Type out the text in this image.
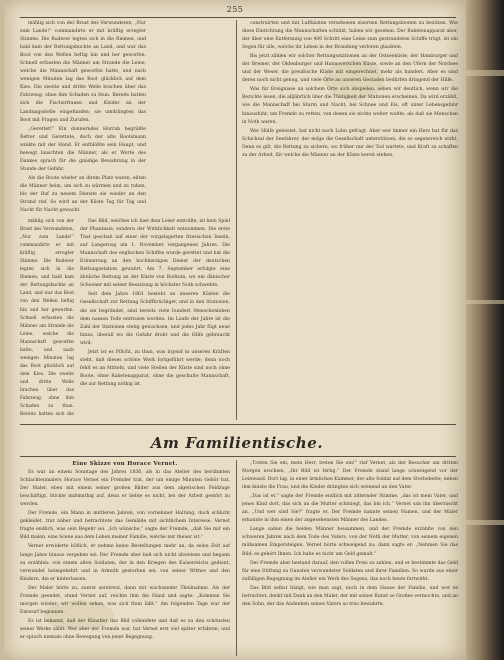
255

mählig sich von der Brust des Verwundeten, „Nur zum Lande!“ commandirte er mit kräftig erregter Stimme. Die Ruderer legten sich in die Riemen, und bald kam der Rettungsbuchte an Land, und war das Boot von den Wellen heftig hin und her geworfen. Schnell erfassten die Männer am Strande die Leine, welche die Mannschaft geworfen hatte, und nach wenigen Minuten lag das Boot glücklich auf dem Kies. Die zweite und dritte Welle brachen über das Fahrzeug, ohne ihm Schaden zu thun. Bereits hatten sich die Fischerfrauen und Kinder an der Landungsstelle eingefunden; sie umdrängten das Boot mit Fragen und Zurufen.

„Gerettet!“ Ein donnerndes Hurrah begrüßte Retter und Gerettete, doch der alte Bootsmann winkte mit der Hand. Er entblößte sein Haupt, und bewegt lauschten die Männer, als er Worte des Dankes sprach für die gnädige Bewahrung in der Stunde der Gefahr.

Als die Boote wieder an ihrem Platz waren, eilten die Männer heim, um sich zu wärmen und zu ruhen, bis der Ruf zu neuem Dienste sie wieder an den Strand rief. So wird an der Küste Tag für Tag und Nacht für Nacht gewacht.

Das Bild, welches ich hier dem Leser entrollte, ist kein Spiel der Phantasie, sondern der Wirklichkeit entnommen. Die erste That geschah auf einer der vorgelagerten friesischen Inseln, auf Langeroog am 1. November vergangenen Jahres. Die Mannschaft des englischen Schiffes wurde gerettet und hat die Erinnerung an den hochherzigen Dienst der deutschen Rettungsstation gewahrt. Am 7. September erfolgte eine ähnliche Rettung an der Küste von Borkum, wo ein dänischer Schooner mit seiner Besatzung in höchster Noth schwebte.

Seit dem Jahre 1861 besteht an unseren Küsten die Gesellschaft zur Rettung Schiffbrüchiger, und in den Stationen, die sie begründet, sind bereits viele hundert Menschenleben dem nassen Tode entrissen worden. Im Laufe der Jahre ist die Zahl der Stationen stetig gewachsen, und jedes Jahr fügt neue hinzu, überall wo die Gefahr droht und die Hilfe gebraucht wird.

Jetzt ist es Pflicht, zu thun, was irgend in unseren Kräften steht, daß dieses schöne Werk fortgeführt werde; denn noch fehlt es an Mitteln, und viele Stellen der Küste sind noch ohne Boote, ohne Raketenapparat, ohne die geschulte Mannschaft, die zur Rettung nöthig ist.

mählig sich von der Brust des Verwundeten, „Nur zum Lande!“ commandirte er mit kräftig erregter Stimme. Die Ruderer legten sich in die Riemen, und bald kam der Rettungsbuchte an Land, und war das Boot von den Wellen heftig hin und her geworfen. Schnell erfassten die Männer am Strande die Leine, welche die Mannschaft geworfen hatte, und nach wenigen Minuten lag das Boot glücklich auf dem Kies. Die zweite und dritte Welle brachen über das Fahrzeug, ohne ihm Schaden zu thun. Bereits hatten sich die

construirten und mit Luftkästen versehenen eisernen Rettungsbooten zu besitzen. Wie diese Einrichtung die Mannschaften schützt, haben wir gesehen. Der Raketenapparat aber, der über eine Entfernung von 400 Schritt eine Leine zum gestrandeten Schiffe trägt, ist ein Segen für alle, welche ihr Leben in der Brandung verloren glaubten.

Bis jetzt zählen wir solcher Rettungsstationen an der Ostseeküste, der Hamburger und der Bremer, der Oldenburger und Hannoverschen Küste, sowie an den Ufern der Nordsee und der Weser, die preußische Küste mit eingerechnet, mehr als hundert. Aber es sind deren noch nicht genug, und viele Orte an unseren Gestaden bedürfen dringend der Hilfe.

Was für Ereignisse an solchem Orte sich abspielen, sehen wir deutlich, wenn wir die Berichte lesen, die alljährlich über die Thätigkeit der Stationen erscheinen. Da wird erzählt, wie die Mannschaft bei Sturm und Nacht, bei Schnee und Eis, oft unter Lebensgefahr hinausfuhr, um Fremde zu retten, von denen sie nichts weiter wußte, als daß sie Menschen in Noth waren.

Wer Hülfe geleistet, hat nicht nach Lohn gefragt. Aber wer immer ein Herz hat für das Schicksal der Seefahrer, der möge die Gesellschaft unterstützen, die so segensreich wirkt. Denn es gilt, die Rettung zu sichern, wo früher nur der Tod wartete, und Kraft zu schaffen zu der Arbeit, für welche die Männer an der Küste bereit stehen.

Am Familientische.

Eine Skizze von Horace Vernet.

Es war an einem Sonntage des Jahres 1836, als in das Atelier des berühmten Schlachtenmalers Horace Vernet ein Fremder trat, der um einige Minuten Gehör bat. Der Maler, eben mit einem seiner großen Bilder aus dem algerischen Feldzuge beschäftigt, blickte mißmuthig auf, denn er liebte es nicht, bei der Arbeit gestört zu werden.

Der Fremde, ein Mann in mittleren Jahren, von vornehmer Haltung, doch schlicht gekleidet, trat näher und betrachtete das Gemälde mit sichtlichem Interesse. Vernet fragte endlich, was sein Begehr sei. „Ich wünsche,“ sagte der Fremde, „daß Sie mir ein Bild malen, eine Scene aus dem Leben meiner Familie, welche mir theuer ist.“

Vernet erwiderte höflich, er nehme keine Bestellungen mehr an, da seine Zeit auf lange Jahre hinaus vergeben sei. Der Fremde aber ließ sich nicht abweisen und begann zu erzählen: von einem alten Soldaten, der in den Kriegen des Kaiserreichs gedient, verwundet heimgekehrt und in Armuth gestorben sei; von seiner Wittwe und den Kindern, die er hinterlassen.

Der Maler hörte zu, zuerst zerstreut, dann mit wachsender Theilnahme. Als der Fremde geendet, stand Vernet auf, reichte ihm die Hand und sagte: „Kommen Sie morgen wieder; wir wollen sehen, was sich thun läßt.“ Am folgenden Tage war der Entwurf begonnen.

Es ist bekannt, daß der Künstler das Bild vollendete und daß es zu den schönsten seiner Werke zählt. Wer aber der Fremde war, hat Vernet erst viel später erfahren, und er sprach niemals ohne Bewegung von jener Begegnung.

„Treten Sie ein, mein Herr, treten Sie ein!“ rief Vernet, als der Besucher am dritten Morgen erschien, „Ihr Bild ist fertig.“ Der Fremde stand lange schweigend vor der Leinwand. Dort lag, in einer ärmlichen Kammer, der alte Soldat auf dem Sterbebette; neben ihm kniete die Frau, und die Kinder drängten sich weinend an den Vater.

„Das ist er,“ sagte der Fremde endlich mit zitternder Stimme, „das ist mein Vater, und jenes Kind dort, das sich an die Mutter schmiegt, das bin ich.“ Vernet sah ihn überrascht an. „Und wer sind Sie?“ fragte er. Der Fremde nannte seinen Namen, und der Maler erkannte in ihm einen der angesehensten Männer des Landes.

Lange saßen die beiden Männer beisammen, und der Fremde erzählte von den schweren Jahren nach dem Tode des Vaters, von der Noth der Mutter, von seinem eigenen mühsamen Emporsteigen. Vernet hörte schweigend zu; dann sagte er: „Nehmen Sie das Bild; es gehört Ihnen. Ich habe es nicht um Geld gemalt.“

Der Fremde aber bestand darauf, den vollen Preis zu zahlen, und er bestimmte das Geld für eine Stiftung zu Gunsten verwundeter Soldaten und ihrer Familien. So wurde aus einer zufälligen Begegnung im Atelier ein Werk des Segens, das noch heute fortwirkt.

Das Bild selbst hängt, wie man sagt, noch in dem Hause der Familie, und wer es betrachtet, denkt mit Dank an den Maler, der mit seiner Kunst so Großes vermochte, und an den Sohn, der das Andenken seines Vaters so treu bewahrte.
